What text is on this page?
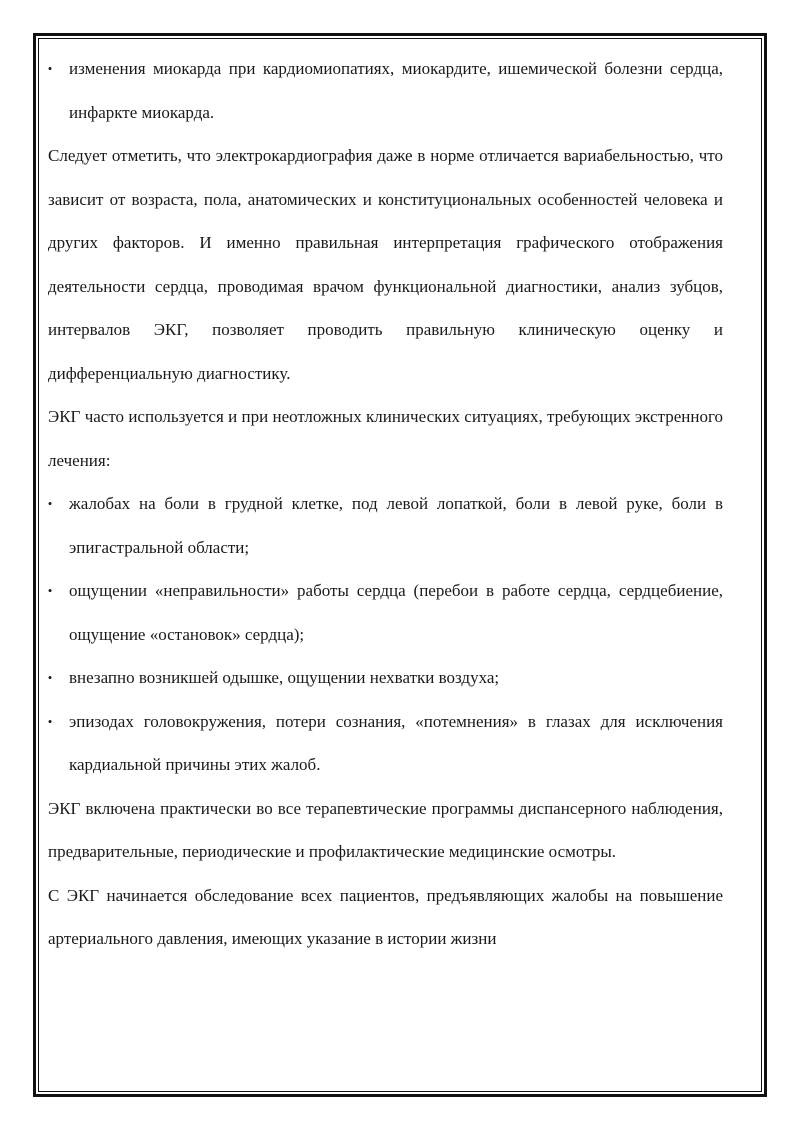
• изменения миокарда при кардиомиопатиях, миокардите, ишемической болезни сердца, инфаркте миокарда.

Следует отметить, что электрокардиография даже в норме отличается вариабельностью, что зависит от возраста, пола, анатомических и конституциональных особенностей человека и других факторов. И именно правильная интерпретация графического отображения деятельности сердца, проводимая врачом функциональной диагностики, анализ зубцов, интервалов ЭКГ, позволяет проводить правильную клиническую оценку и дифференциальную диагностику.

ЭКГ часто используется и при неотложных клинических ситуациях, требующих экстренного лечения:

• жалобах на боли в грудной клетке, под левой лопаткой, боли в левой руке, боли в эпигастральной области;
• ощущении «неправильности» работы сердца (перебои в работе сердца, сердцебиение, ощущение «остановок» сердца);
• внезапно возникшей одышке, ощущении нехватки воздуха;
• эпизодах головокружения, потери сознания, «потемнения» в глазах для исключения кардиальной причины этих жалоб.

ЭКГ включена практически во все терапевтические программы диспансерного наблюдения, предварительные, периодические и профилактические медицинские осмотры.

С ЭКГ начинается обследование всех пациентов, предъявляющих жалобы на повышение артериального давления, имеющих указание в истории жизни
